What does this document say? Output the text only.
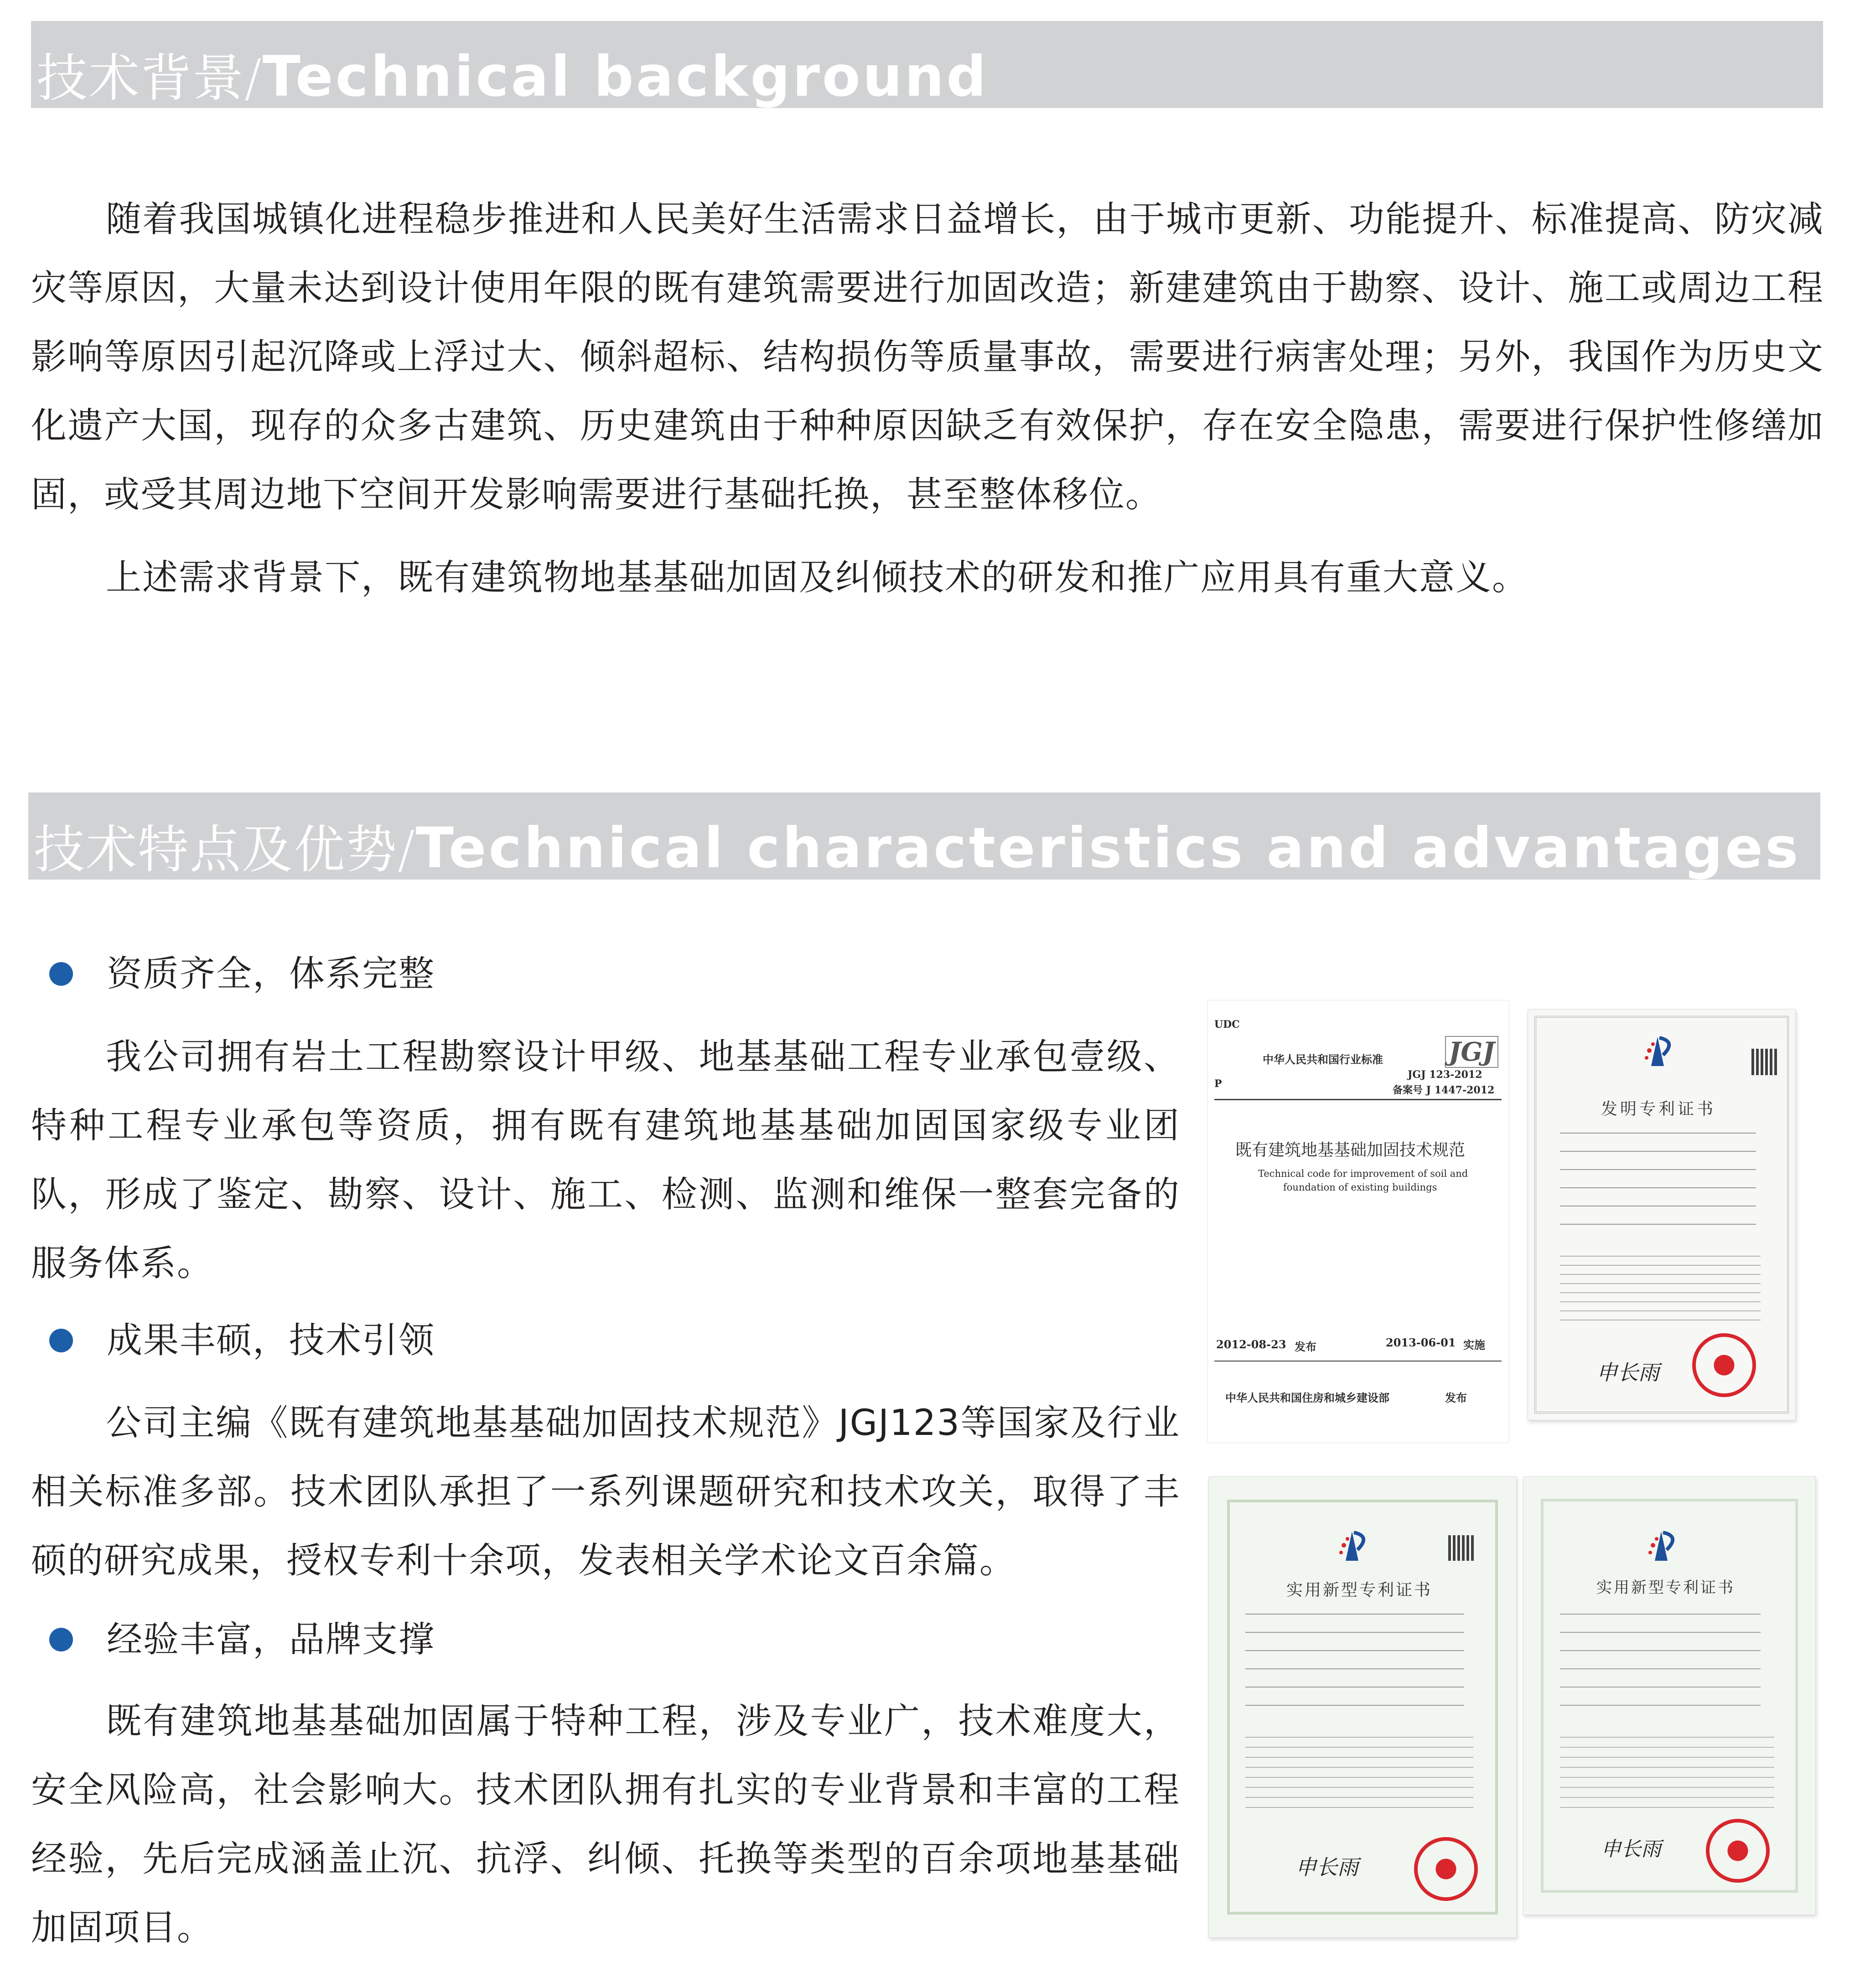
技术背景/Technical background

随着我国城镇化进程稳步推进和人民美好生活需求日益增长，由于城市更新、功能提升、标准提高、防灾减灾等原因，大量未达到设计使用年限的既有建筑需要进行加固改造；新建建筑由于勘察、设计、施工或周边工程影响等原因引起沉降或上浮过大、倾斜超标、结构损伤等质量事故，需要进行病害处理；另外，我国作为历史文化遗产大国，现存的众多古建筑、历史建筑由于种种原因缺乏有效保护，存在安全隐患，需要进行保护性修缮加固，或受其周边地下空间开发影响需要进行基础托换，甚至整体移位。

上述需求背景下，既有建筑物地基基础加固及纠倾技术的研发和推广应用具有重大意义。

技术特点及优势/Technical characteristics and advantages
资质齐全，体系完整

我公司拥有岩土工程勘察设计甲级、地基基础工程专业承包壹级、特种工程专业承包等资质，拥有既有建筑地基基础加固国家级专业团队，形成了鉴定、勘察、设计、施工、检测、监测和维保一整套完备的服务体系。

成果丰硕，技术引领

公司主编《既有建筑地基基础加固技术规范》JGJ123等国家及行业相关标准多部。技术团队承担了一系列课题研究和技术攻关，取得了丰硕的研究成果，授权专利十余项，发表相关学术论文百余篇。

经验丰富，品牌支撑

既有建筑地基基础加固属于特种工程，涉及专业广，技术难度大，安全风险高，社会影响大。技术团队拥有扎实的专业背景和丰富的工程经验，先后完成涵盖止沉、抗浮、纠倾、托换等类型的百余项地基基础加固项目。

UDC
P
中华人民共和国行业标准	JGJ
JGJ 123-2012
备案号 J 1447-2012
既有建筑地基基础加固技术规范
Technical code for improvement of soil and
foundation of existing buildings
2012-08-23 发布	2013-06-01 实施
中华人民共和国住房和城乡建设部	发布
发明专利证书
申长雨
实用新型专利证书
申长雨
实用新型专利证书
申长雨
